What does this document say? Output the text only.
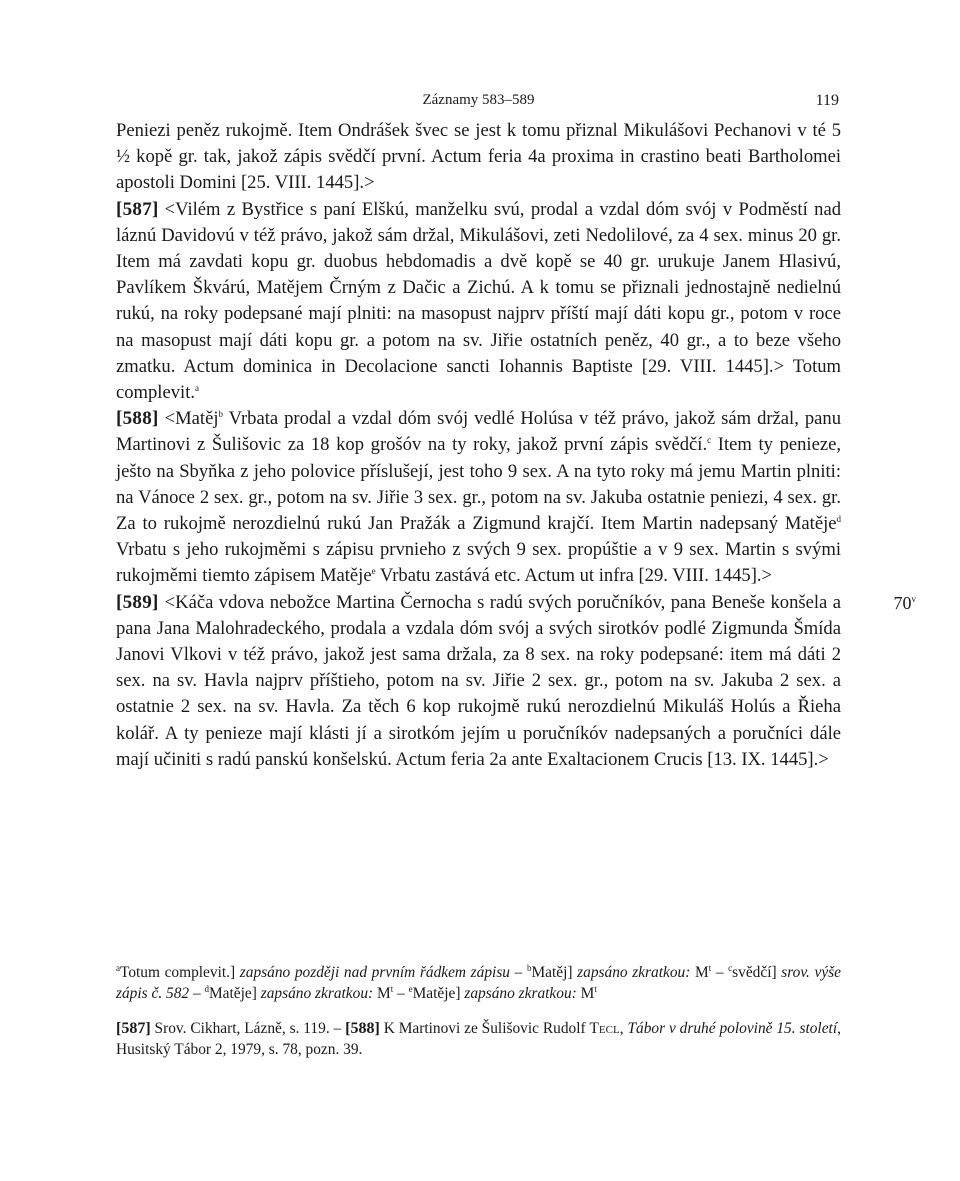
Záznamy 583–589	119

Peniezi peněz rukojmě. Item Ondrášek švec se jest k tomu přiznal Mikulášovi Pechanovi v té 5 ½ kopě gr. tak, jakož zápis svědčí první. Actum feria 4a proxima in crastino beati Bartholomei apostoli Domini [25. VIII. 1445].>

[587] <Vilém z Bystřice s paní Elškú, manželku svú, prodal a vzdal dóm svój v Podměstí nad láznú Davidovú v též právo, jakož sám držal, Mikulášovi, zeti Nedolilové, za 4 sex. minus 20 gr. Item má zavdati kopu gr. duobus hebdomadis a dvě kopě se 40 gr. urukuje Janem Hlasivú, Pavlíkem Škvárú, Matějem Črným z Dačic a Zichú. A k tomu se přiznali jednostajně nedielnú rukú, na roky podepsané mají plniti: na masopust najprv příští mají dáti kopu gr., potom v roce na masopust mají dáti kopu gr. a potom na sv. Jiřie ostatních peněz, 40 gr., a to beze všeho zmatku. Actum dominica in Decolacione sancti Iohannis Baptiste [29. VIII. 1445].> Totum complevit.$^a$

[588] <Matěj$^b$ Vrbata prodal a vzdal dóm svój vedlé Holúsa v též právo, jakož sám držal, panu Martinovi z Šulišovic za 18 kop grošóv na ty roky, jakož první zápis svědčí.$^c$ Item ty penieze, ješto na Sbyňka z jeho polovice příslušejí, jest toho 9 sex. A na tyto roky má jemu Martin plniti: na Vánoce 2 sex. gr., potom na sv. Jiřie 3 sex. gr., potom na sv. Jakuba ostatnie peniezi, 4 sex. gr. Za to rukojmě nerozdielnú rukú Jan Pražák a Zigmund krajčí. Item Martin nadepsaný Matěje$^d$ Vrbatu s jeho rukojměmi s zápisu prvnieho z svých 9 sex. propúštie a v 9 sex. Martin s svými rukojměmi tiemto zápisem Matěje$^e$ Vrbatu zastává etc. Actum ut infra [29. VIII. 1445].>

70$^v$
[589] <Káča vdova nebožce Martina Černocha s radú svých poručníkóv, pana Beneše konšela a pana Jana Malohradeckého, prodala a vzdala dóm svój a svých sirotkóv podlé Zigmunda Šmída Janovi Vlkovi v též právo, jakož jest sama držala, za 8 sex. na roky podepsané: item má dáti 2 sex. na sv. Havla najprv příštieho, potom na sv. Jiřie 2 sex. gr., potom na sv. Jakuba 2 sex. a ostatnie 2 sex. na sv. Havla. Za těch 6 kop rukojmě rukú nerozdielnú Mikuláš Holús a Řieha kolář. A ty penieze mají klásti jí a sirotkóm jejím u poručníkóv nadepsaných a poručníci dále mají učiniti s radú panskú konšelskú. Actum feria 2a ante Exaltacionem Crucis [13. IX. 1445].>

$^a$Totum complevit.] zapsáno později nad prvním řádkem zápisu – $^b$Matěj] zapsáno zkratkou: $M^t$ – $^c$svědčí] srov. výše zápis č. 582 – $^d$Matěje] zapsáno zkratkou: $M^t$ – $^e$Matěje] zapsáno zkratkou: $M^t$

[587] Srov. Cikhart, Lázně, s. 119. – [588] K Martinovi ze Šulišovic Rudolf Tecl, Tábor v druhé polovině 15. století, Husitský Tábor 2, 1979, s. 78, pozn. 39.
